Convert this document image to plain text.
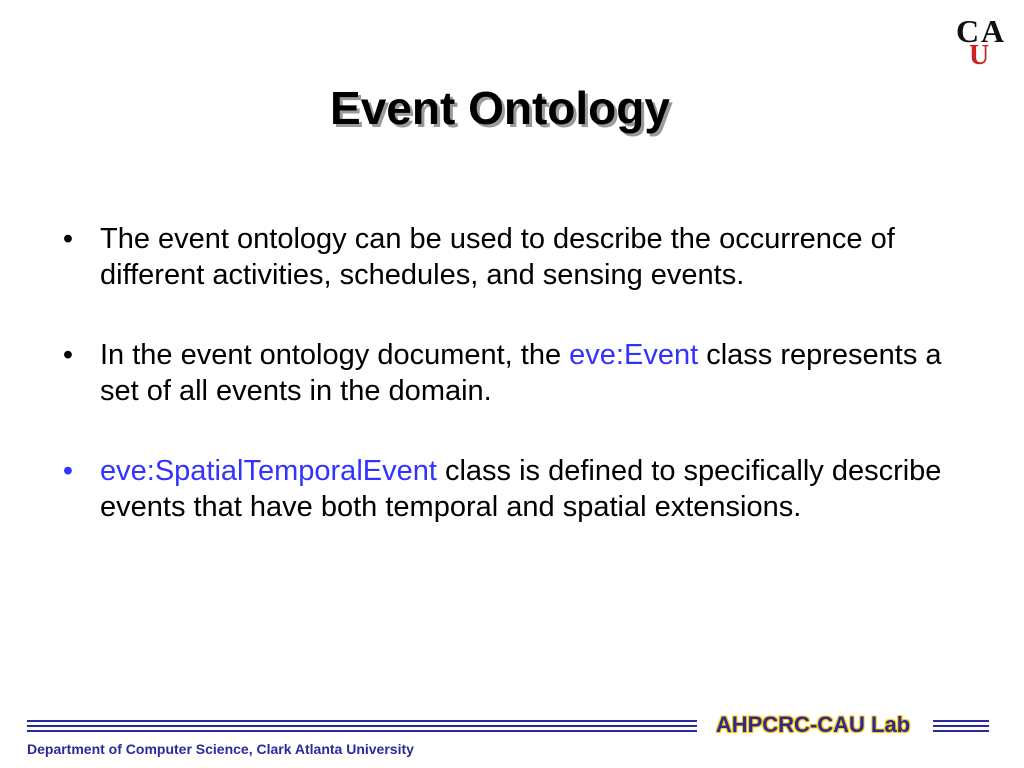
C A
U
Event Ontology
• The event ontology can be used to describe the occurrence of different activities, schedules, and sensing events.
• In the event ontology document, the eve:Event class represents a set of all events in the domain.
• eve:SpatialTemporalEvent class is defined to specifically describe events that have both temporal and spatial extensions.
AHPCRC-CAU Lab
Department of Computer Science, Clark Atlanta University
